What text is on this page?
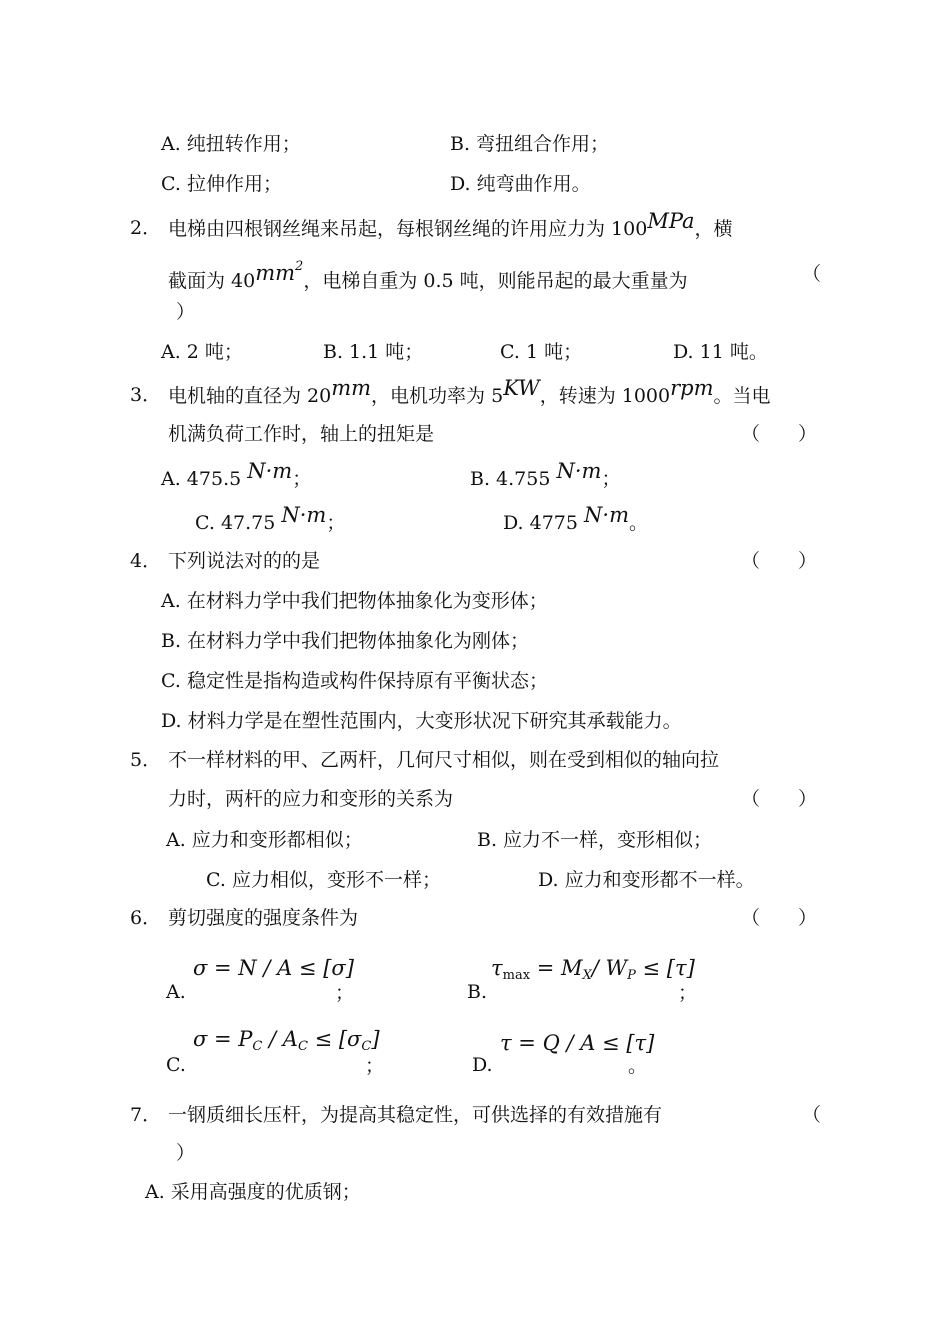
A. 纯扭转作用；	B. 弯扭组合作用；
C. 拉伸作用；	D. 纯弯曲作用。
2． 电梯由四根钢丝绳来吊起，每根钢丝绳的许用应力为 100MPa，横
截面为 $40mm^2$，电梯自重为 0.5 吨，则能吊起的最大重量为	（
）
A. 2 吨；	B. 1.1 吨；	C. 1 吨；	D. 11 吨。
3． 电机轴的直径为 20mm，电机功率为 5KW，转速为 1000rpm。当电
机满负荷工作时，轴上的扭矩是	（　　）
A. 475.5 N·m；	B. 4.755 N·m；
C. 47.75 N·m；	D. 4775 N·m。
4． 下列说法对的的是	（　　）
A. 在材料力学中我们把物体抽象化为变形体；
B. 在材料力学中我们把物体抽象化为刚体；
C. 稳定性是指构造或构件保持原有平衡状态；
D. 材料力学是在塑性范围内，大变形状况下研究其承载能力。
5． 不一样材料的甲、乙两杆，几何尺寸相似，则在受到相似的轴向拉
力时，两杆的应力和变形的关系为	（　　）
A. 应力和变形都相似；	B. 应力不一样，变形相似；
C. 应力相似，变形不一样；	D. 应力和变形都不一样。
6． 剪切强度的强度条件为	（　　）
A.
σ = N / A ≤ [σ]
；	B.
$\tau\max = M_X/$ $W_P \le [\tau]$
；
C.
$\sigma = P_C / A_C \le [\sigma_C]$
；	D.
τ = Q / A ≤ [τ]
。
7． 一钢质细长压杆，为提高其稳定性，可供选择的有效措施有	（
）
A. 采用高强度的优质钢；
